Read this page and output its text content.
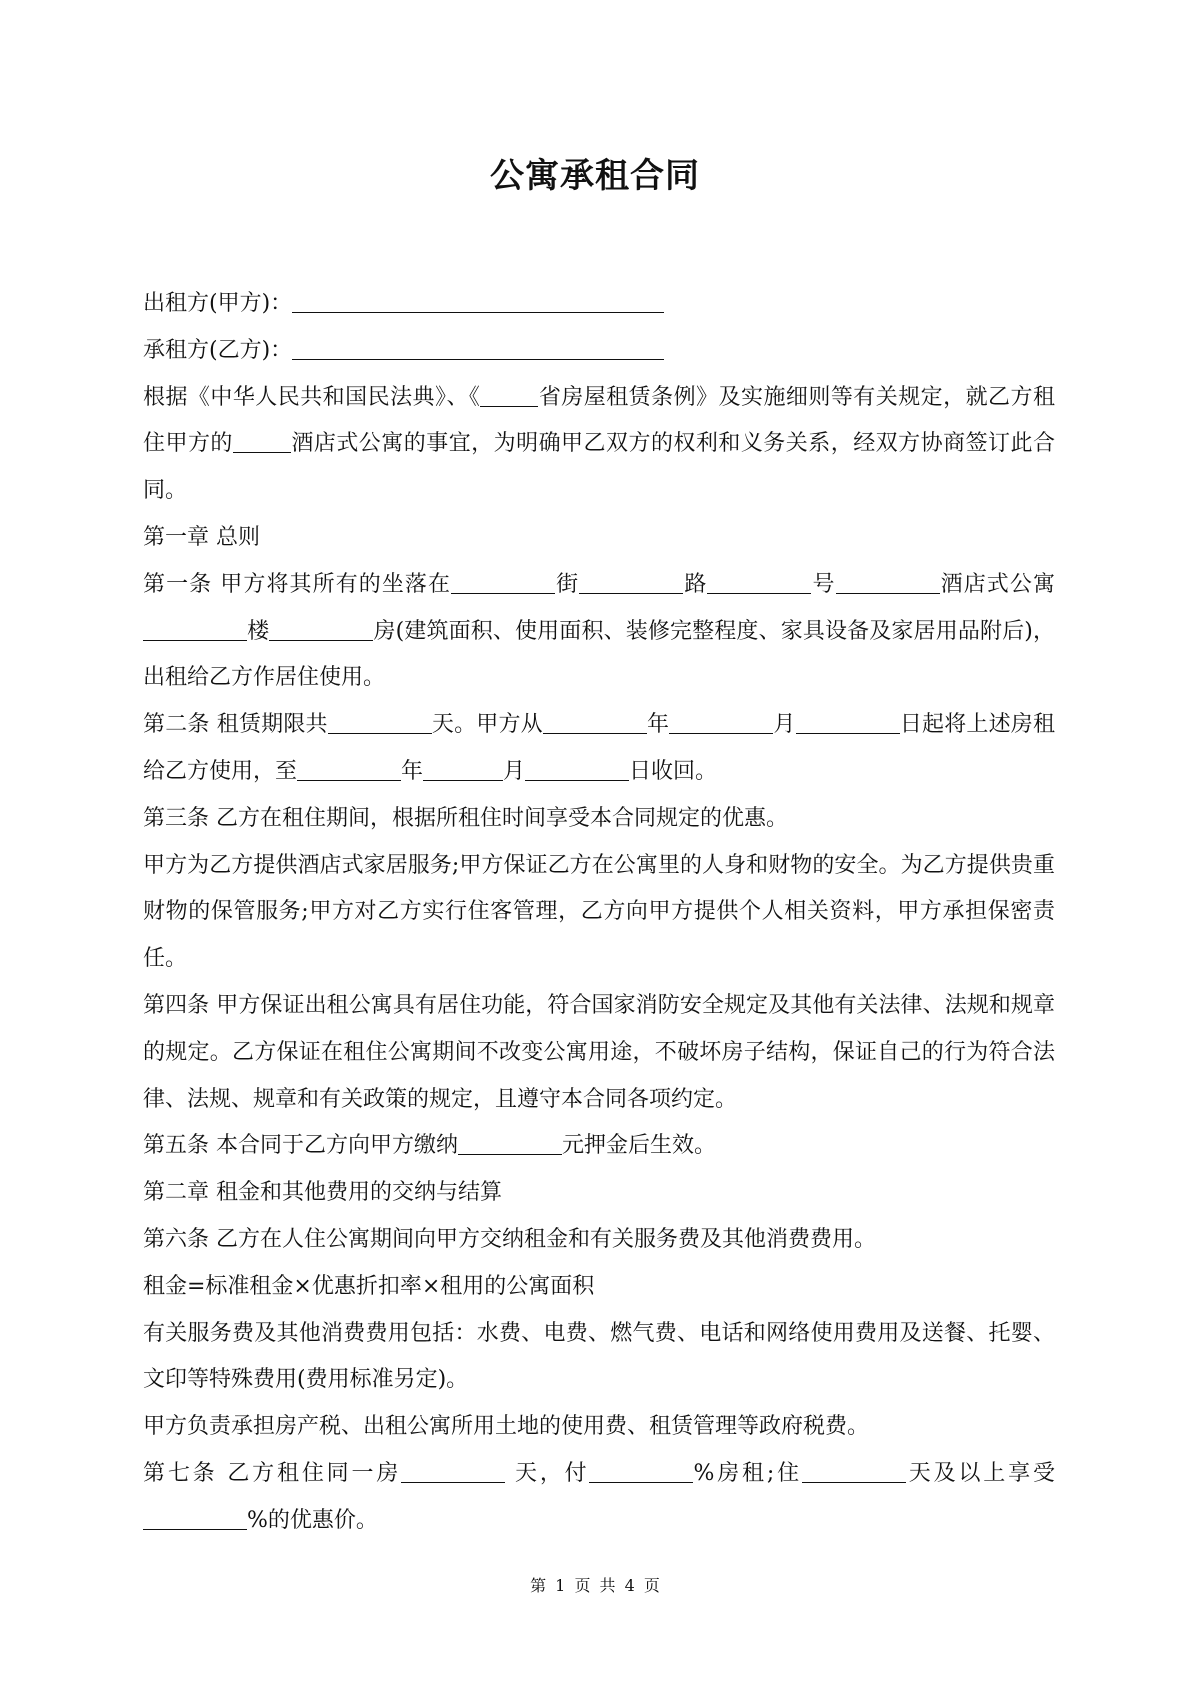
公寓承租合同

出租方(甲方)：

承租方(乙方)：

根据《中华人民共和国民法典》、《	省房屋租赁条例》及实施细则等有关规定，就乙方租住甲方的	酒店式公寓的事宜，为明确甲乙双方的权利和义务关系，经双方协商签订此合同。

第一章 总则

第一条 甲方将其所有的坐落在	街	路	号	酒店式公寓楼	房(建筑面积、使用面积、装修完整程度、家具设备及家居用品附后)，出租给乙方作居住使用。

第二条 租赁期限共	天。甲方从	年	月	日起将上述房租给乙方使用，至	年	月	日收回。

第三条 乙方在租住期间，根据所租住时间享受本合同规定的优惠。

甲方为乙方提供酒店式家居服务;甲方保证乙方在公寓里的人身和财物的安全。为乙方提供贵重财物的保管服务;甲方对乙方实行住客管理，乙方向甲方提供个人相关资料，甲方承担保密责任。

第四条 甲方保证出租公寓具有居住功能，符合国家消防安全规定及其他有关法律、法规和规章的规定。乙方保证在租住公寓期间不改变公寓用途，不破坏房子结构，保证自己的行为符合法律、法规、规章和有关政策的规定，且遵守本合同各项约定。

第五条 本合同于乙方向甲方缴纳	元押金后生效。

第二章 租金和其他费用的交纳与结算

第六条 乙方在人住公寓期间向甲方交纳租金和有关服务费及其他消费费用。

租金=标准租金×优惠折扣率×租用的公寓面积

有关服务费及其他消费费用包括：水费、电费、燃气费、电话和网络使用费用及送餐、托婴、文印等特殊费用(费用标准另定)。

甲方负责承担房产税、出租公寓所用土地的使用费、租赁管理等政府税费。

第七条 乙方租住同一房	天，付	%房租;住	天及以上享受%的优惠价。

第 1 页 共 4 页
